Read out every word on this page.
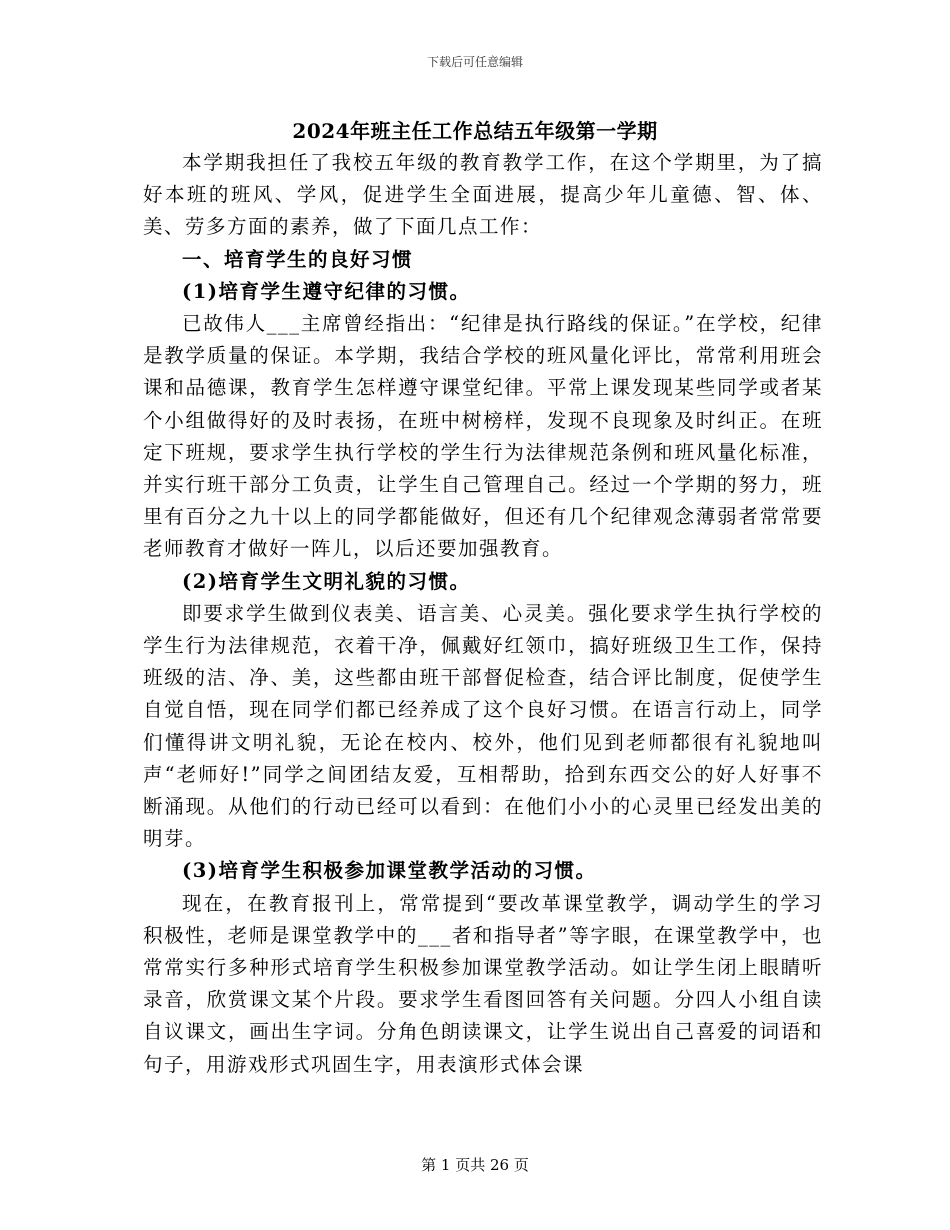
下载后可任意编辑
2024年班主任工作总结五年级第一学期

本学期我担任了我校五年级的教育教学工作，在这个学期里，为了搞好本班的班风、学风，促进学生全面进展，提高少年儿童德、智、体、美、劳多方面的素养，做了下面几点工作：

一、培育学生的良好习惯

(1)培育学生遵守纪律的习惯。

已故伟人___主席曾经指出：“纪律是执行路线的保证。”在学校，纪律是教学质量的保证。本学期，我结合学校的班风量化评比，常常利用班会课和品德课，教育学生怎样遵守课堂纪律。平常上课发现某些同学或者某个小组做得好的及时表扬，在班中树榜样，发现不良现象及时纠正。在班定下班规，要求学生执行学校的学生行为法律规范条例和班风量化标准，并实行班干部分工负责，让学生自己管理自己。经过一个学期的努力，班里有百分之九十以上的同学都能做好，但还有几个纪律观念薄弱者常常要老师教育才做好一阵儿，以后还要加强教育。

(2)培育学生文明礼貌的习惯。

即要求学生做到仪表美、语言美、心灵美。强化要求学生执行学校的学生行为法律规范，衣着干净，佩戴好红领巾，搞好班级卫生工作，保持班级的洁、净、美，这些都由班干部督促检查，结合评比制度，促使学生自觉自悟，现在同学们都已经养成了这个良好习惯。在语言行动上，同学们懂得讲文明礼貌，无论在校内、校外，他们见到老师都很有礼貌地叫声“老师好!”同学之间团结友爱，互相帮助，拾到东西交公的好人好事不断涌现。从他们的行动已经可以看到：在他们小小的心灵里已经发出美的明芽。

(3)培育学生积极参加课堂教学活动的习惯。

现在，在教育报刊上，常常提到“要改革课堂教学，调动学生的学习积极性，老师是课堂教学中的___者和指导者”等字眼，在课堂教学中，也常常实行多种形式培育学生积极参加课堂教学活动。如让学生闭上眼睛听录音，欣赏课文某个片段。要求学生看图回答有关问题。分四人小组自读自议课文，画出生字词。分角色朗读课文，让学生说出自己喜爱的词语和句子，用游戏形式巩固生字，用表演形式体会课

第 1 页共 26 页
